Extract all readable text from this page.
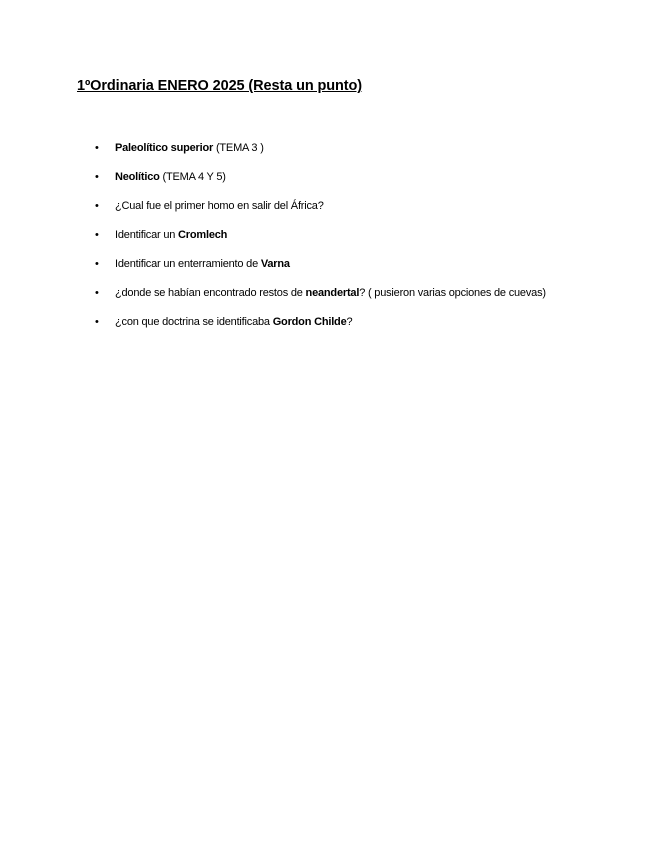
1ºOrdinaria ENERO 2025 (Resta un punto)
• Paleolítico superior (TEMA 3 )
• Neolítico (TEMA 4 Y 5)
• ¿Cual fue el primer homo en salir del África?
• Identificar un Cromlech
• Identificar un enterramiento de Varna
• ¿donde se habían encontrado restos de neandertal? ( pusieron varias opciones de cuevas)
• ¿con que doctrina se identificaba Gordon Childe?
